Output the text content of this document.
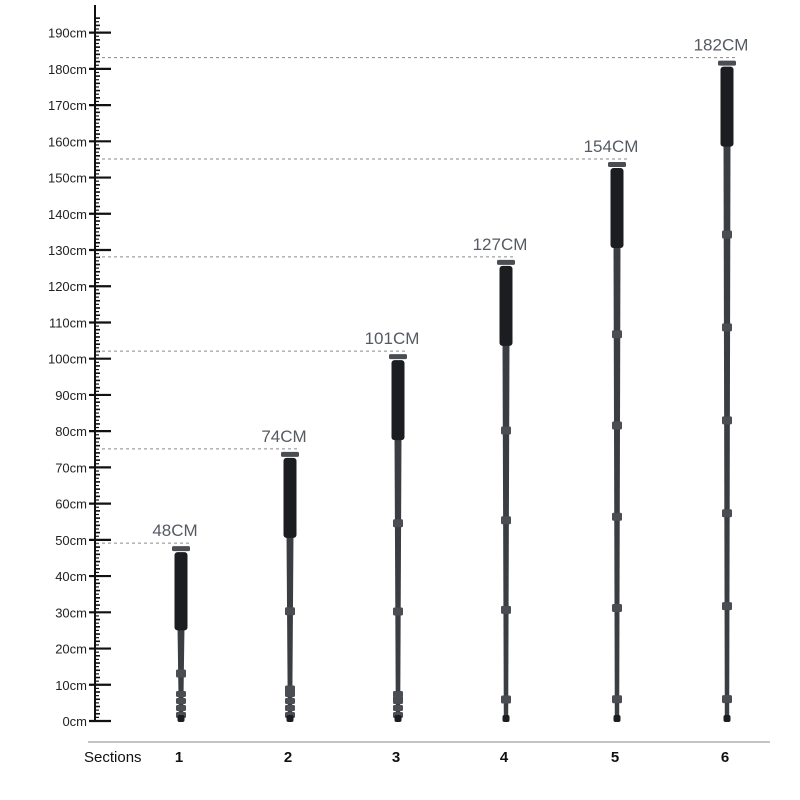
0cm
10cm
20cm
30cm
40cm
50cm
60cm
70cm
80cm
90cm
100cm
110cm
120cm
130cm
140cm
150cm
160cm
170cm
180cm
190cm
48CM
74CM
101CM
127CM
154CM
182CM
Sections 1	2	3	4	5	6
